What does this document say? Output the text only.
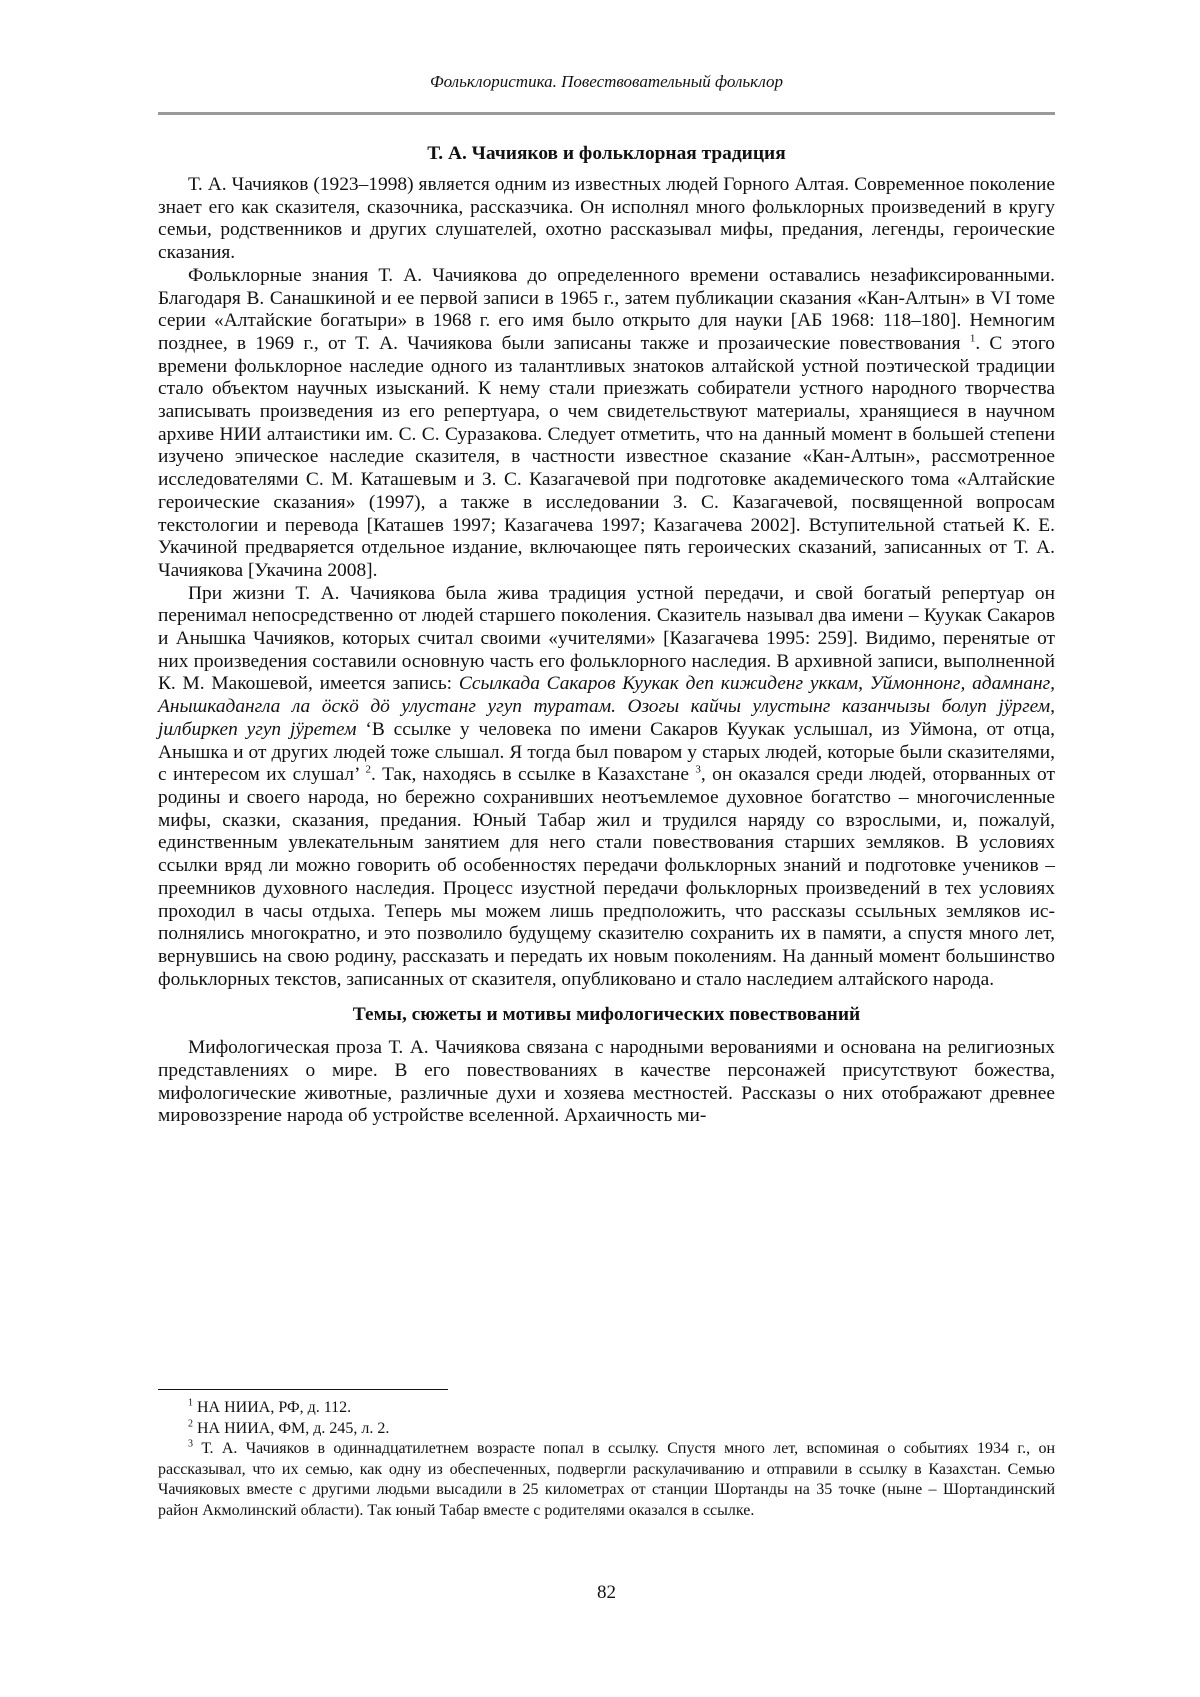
Фольклористика. Повествовательный фольклор
Т. А. Чачияков и фольклорная традиция

Т. А. Чачияков (1923–1998) является одним из известных людей Горного Алтая. Современное поколение знает его как сказителя, сказочника, рассказчика. Он исполнял много фольклорных произведений в кругу семьи, родственников и других слушателей, охотно рассказывал мифы, предания, легенды, героические сказания.

Фольклорные знания Т. А. Чачиякова до определенного времени оставались незафиксированными. Благодаря В. Санашкиной и ее первой записи в 1965 г., затем публикации сказания «Кан-Алтын» в VI томе серии «Алтайские богатыри» в 1968 г. его имя было открыто для науки [АБ 1968: 118–180]. Немногим позднее, в 1969 г., от Т. А. Чачиякова были записаны также и прозаические повествования $^1$. С этого времени фольклорное наследие одного из талантливых знатоков алтайской устной поэтической традиции стало объектом научных изысканий. К нему стали приезжать собиратели устного народного творчества записывать произведения из его репертуара, о чем свидетельствуют материалы, хранящиеся в научном архиве НИИ алтаистики им. С. С. Суразакова. Следует отметить, что на данный момент в большей степени изучено эпическое наследие сказителя, в частности известное сказание «Кан-Алтын», рассмотренное исследователями С. М. Каташевым и З. С. Казагачевой при подготовке академического тома «Алтайские героические сказания» (1997), а также в исследовании З. С. Казагачевой, посвященной вопросам текстологии и перевода [Каташев 1997; Казагачева 1997; Казагачева 2002]. Вступительной статьей К. Е. Укачиной предваряется отдельное издание, включающее пять героических сказаний, записанных от Т. А. Чачиякова [Укачина 2008].

При жизни Т. А. Чачиякова была жива традиция устной передачи, и свой богатый репертуар он перенимал непосредственно от людей старшего поколения. Сказитель называл два имени – Куукак Сакаров и Анышка Чачияков, которых считал своими «учителями» [Казагачева 1995: 259]. Видимо, перенятые от них произведения составили основную часть его фольклорного наследия. В архивной записи, выполненной К. М. Макошевой, имеется запись: Ссылкада Сакаров Куукак деп кижиденг уккам, Уймоннонг, адамнанг, Анышкадангла ла öскö дö улустанг угуп туратам. Озогы кайчы улустынг казанчызы болуп jÿргем, jилбиркеп угуп jÿретем ‘В ссылке у человека по имени Сакаров Куукак услышал, из Уймона, от отца, Анышка и от других людей тоже слышал. Я тогда был поваром у старых людей, которые были сказителями, с интересом их слушал’ $^2$. Так, находясь в ссылке в Казахстане $^3$, он оказался среди людей, оторванных от родины и своего народа, но бережно сохранивших неотъемлемое духовное богатство – многочисленные мифы, сказки, сказания, предания. Юный Табар жил и трудился наряду со взрослыми, и, пожалуй, единственным увлекательным занятием для него стали повествования старших земляков. В условиях ссылки вряд ли можно говорить об особенностях передачи фольклорных знаний и подготовке учеников – преемников духовного наследия. Процесс изустной передачи фольклорных произведений в тех условиях проходил в часы отдыха. Теперь мы можем лишь предположить, что рассказы ссыльных земляков исполнялись многократно, и это позволило будущему сказителю сохранить их в памяти, а спустя много лет, вернувшись на свою родину, рассказать и передать их новым поколениям. На данный момент большинство фольклорных текстов, записанных от сказителя, опубликовано и стало наследием алтайского народа.

Темы, сюжеты и мотивы мифологических повествований

Мифологическая проза Т. А. Чачиякова связана с народными верованиями и основана на религиозных представлениях о мире. В его повествованиях в качестве персонажей присутствуют божества, мифологические животные, различные духи и хозяева местностей. Рассказы о них отображают древнее мировоззрение народа об устройстве вселенной. Архаичность ми-

$^1$ НА НИИА, РФ, д. 112.

$^2$ НА НИИА, ФМ, д. 245, л. 2.

$^3$ Т. А. Чачияков в одиннадцатилетнем возрасте попал в ссылку. Спустя много лет, вспоминая о событиях 1934 г., он рассказывал, что их семью, как одну из обеспеченных, подвергли раскулачиванию и отправили в ссылку в Казахстан. Семью Чачияковых вместе с другими людьми высадили в 25 километрах от станции Шортанды на 35 точке (ныне – Шортандинский район Акмолинский области). Так юный Табар вместе с родителями оказался в ссылке.

82
